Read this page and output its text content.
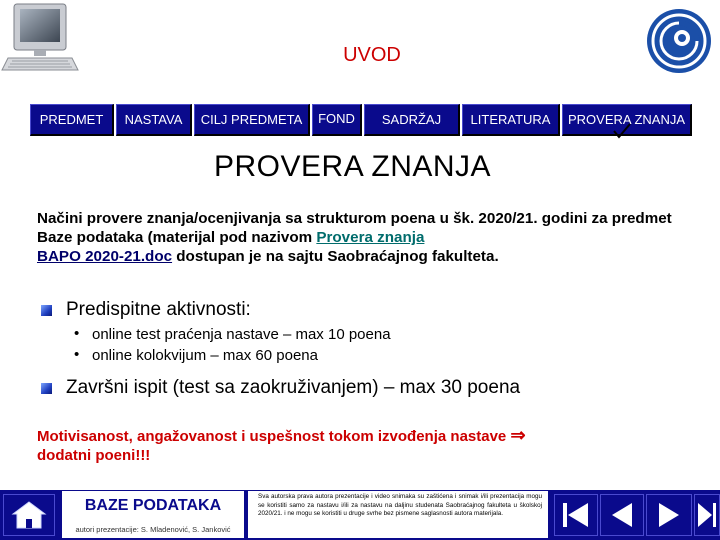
UVOD
PREDMET NASTAVA CILJ PREDMETA FOND SADRŽAJ LITERATURA PROVERA ZNANJA
PROVERA ZNANJA
Načini provere znanja/ocenjivanja sa strukturom poena u šk. 2020/21. godini za predmet Baze podataka (materijal pod nazivom Provera znanja
BAPO 2020-21.doc dostupan je na sajtu Saobraćajnog fakulteta.
Predispitne aktivnosti:
• online test praćenja nastave – max 10 poena
• online kolokvijum – max 60 poena
Završni ispit (test sa zaokruživanjem) – max 30 poena
Motivisanost, angažovanost i uspešnost tokom izvođenja nastave ⇒
dodatni poeni!!!
BAZE PODATAKA
autori prezentacije: S. Mladenović, S. Janković
Sva autorska prava autora prezentacije i video snimaka su zaštićena i snimak i/ili prezentacija mogu se koristiti samo za nastavu i/ili za nastavu na daljinu studenata Saobraćajnog fakulteta u školskoj 2020/21. i ne mogu se koristiti u druge svrhe bez pismene saglasnosti autora materijala.
